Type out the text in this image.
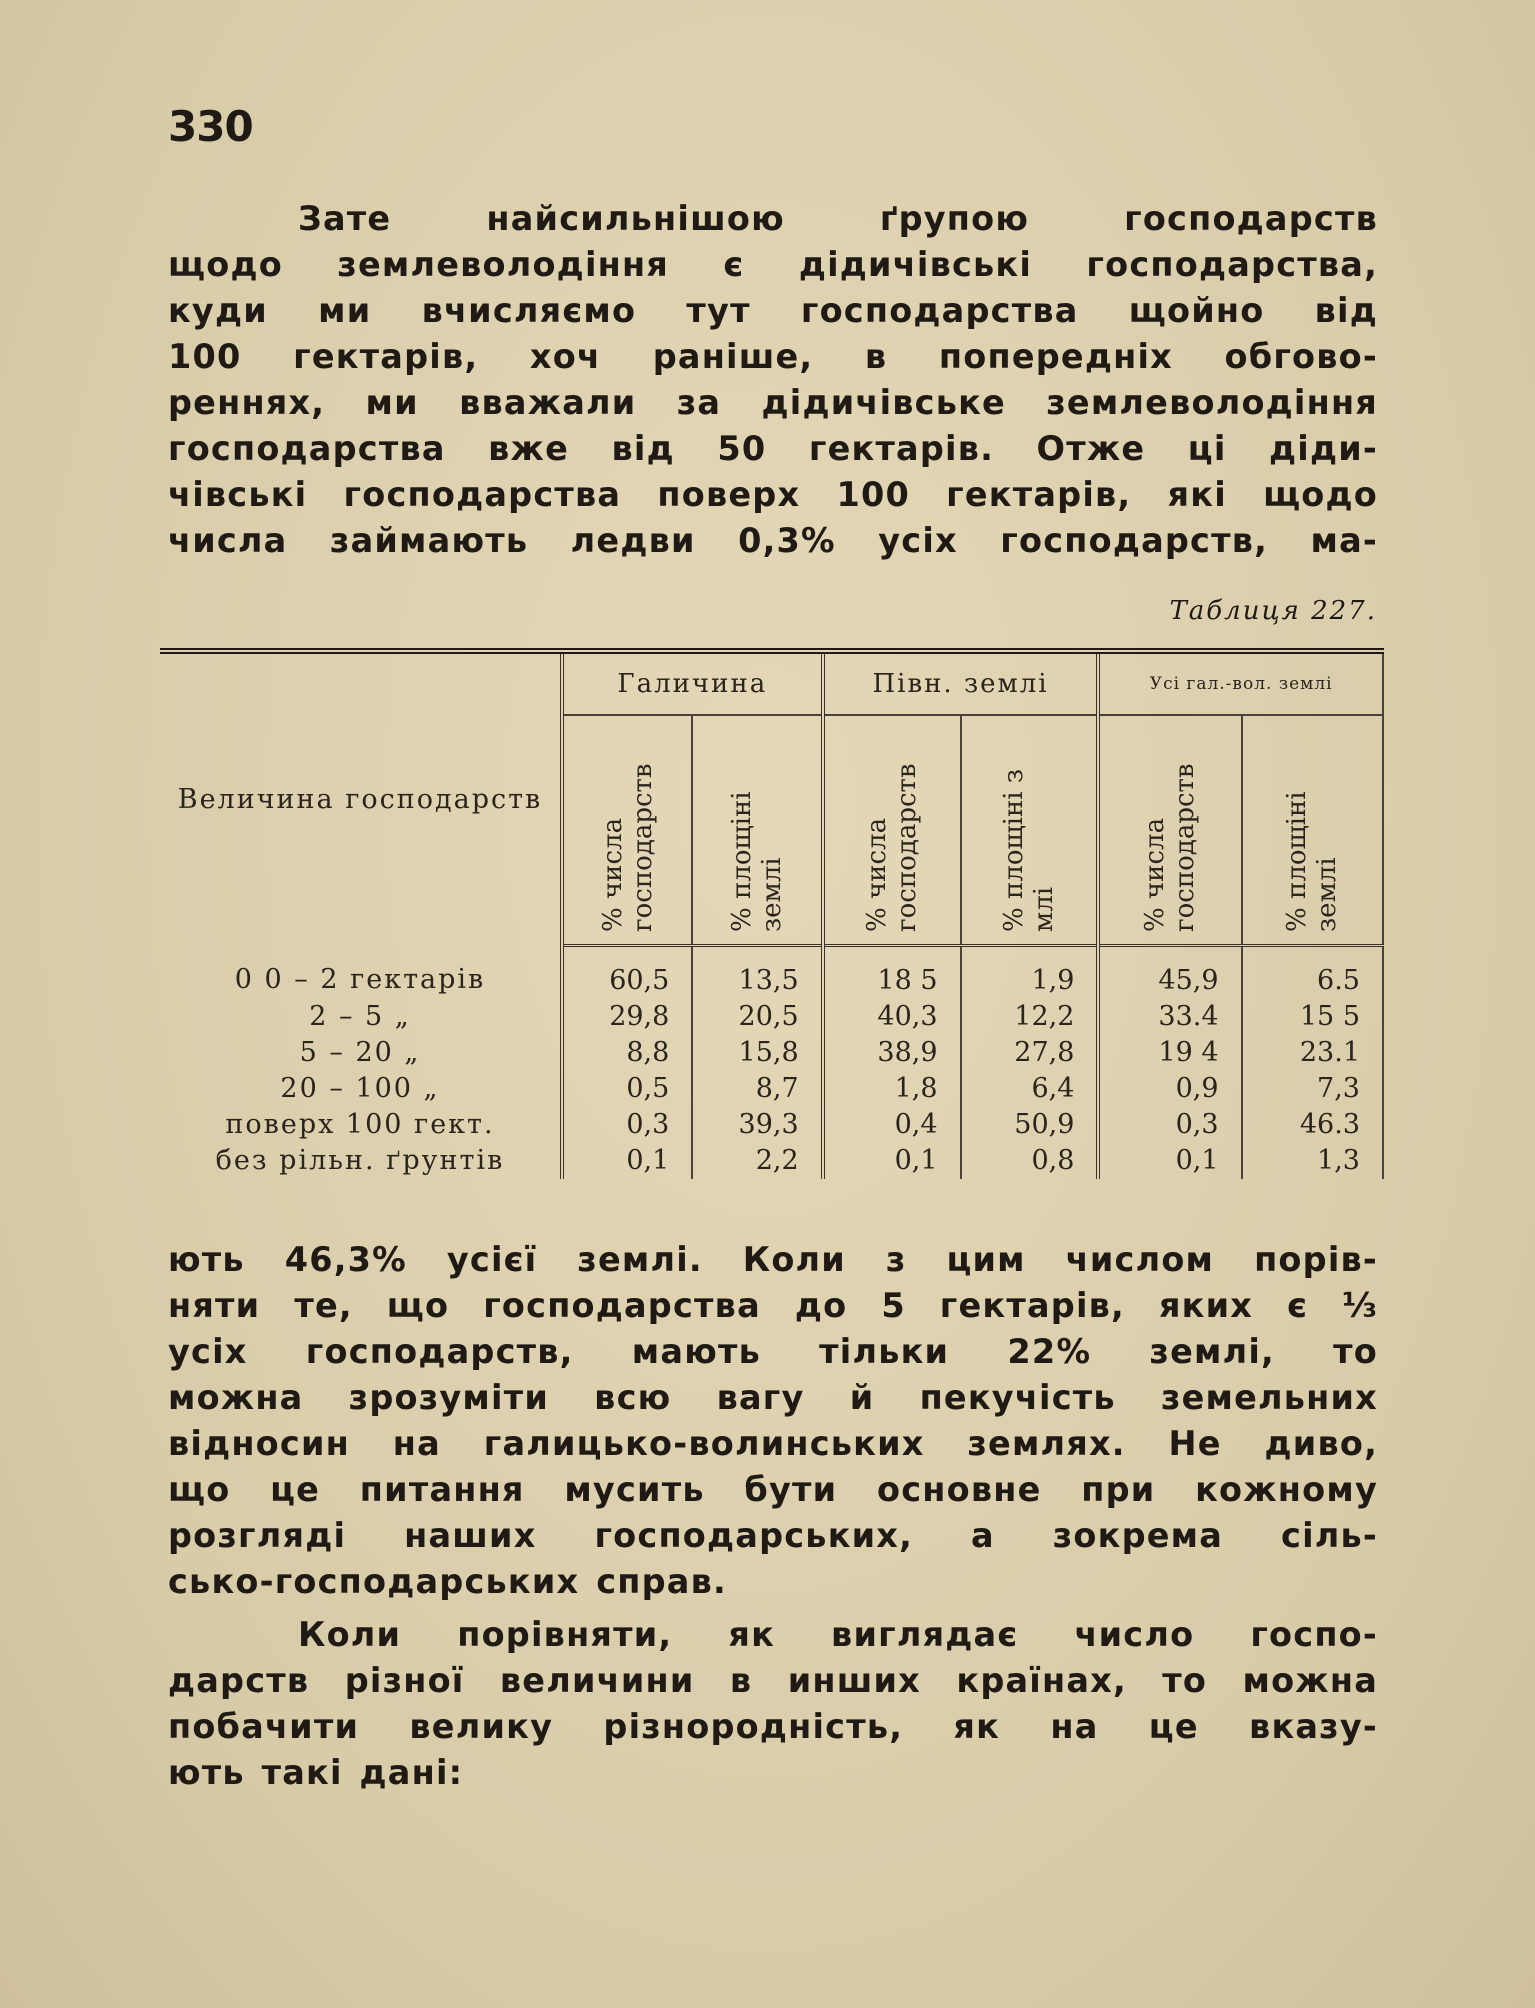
330
Зате найсильнішою ґрупою господарств
щодо землеволодіння є дідичівські господарства,
куди ми вчисляємо тут господарства щойно від
100 гектарів, хоч раніше, в попередніх обгово-
реннях, ми вважали за дідичівське землеволодіння
господарства вже від 50 гектарів. Отже ці діди-
чівські господарства поверх 100 гектарів, які щодо
числа займають ледви 0,3% усіх господарств, ма-
Таблиця 227.
Величина господарств	Галичина		Півн. землі		Усі гал.-вол. землі	
	% числа господарств	% площіні землі	% числа господарств	% площіні з млі	% числа господарств	% площіні землі
0 0 – 2 гектарів	60,5	13,5	18 5	1,9	45,9	6.5
2 – 5 „	29,8	20,5	40,3	12,2	33.4	15 5
5 – 20 „	8,8	15,8	38,9	27,8	19 4	23.1
20 – 100 „	0,5	8,7	1,8	6,4	0,9	7,3
поверх 100 гект.	0,3	39,3	0,4	50,9	0,3	46.3
без рільн. ґрунтів	0,1	2,2	0,1	0,8	0,1	1,3
ють 46,3% усієї землі. Коли з цим числом порів-
няти те, що господарства до 5 гектарів, яких є ⅓
усіх господарств, мають тільки 22% землі, то
можна зрозуміти всю вагу й пекучість земельних
відносин на галицько-волинських землях. Не диво,
що це питання мусить бути основне при кожному
розгляді наших господарських, а зокрема сіль-
сько-господарських справ.
Коли порівняти, як виглядає число госпо-
дарств різної величини в инших країнах, то можна
побачити велику різнородність, як на це вказу-
ють такі дані:
